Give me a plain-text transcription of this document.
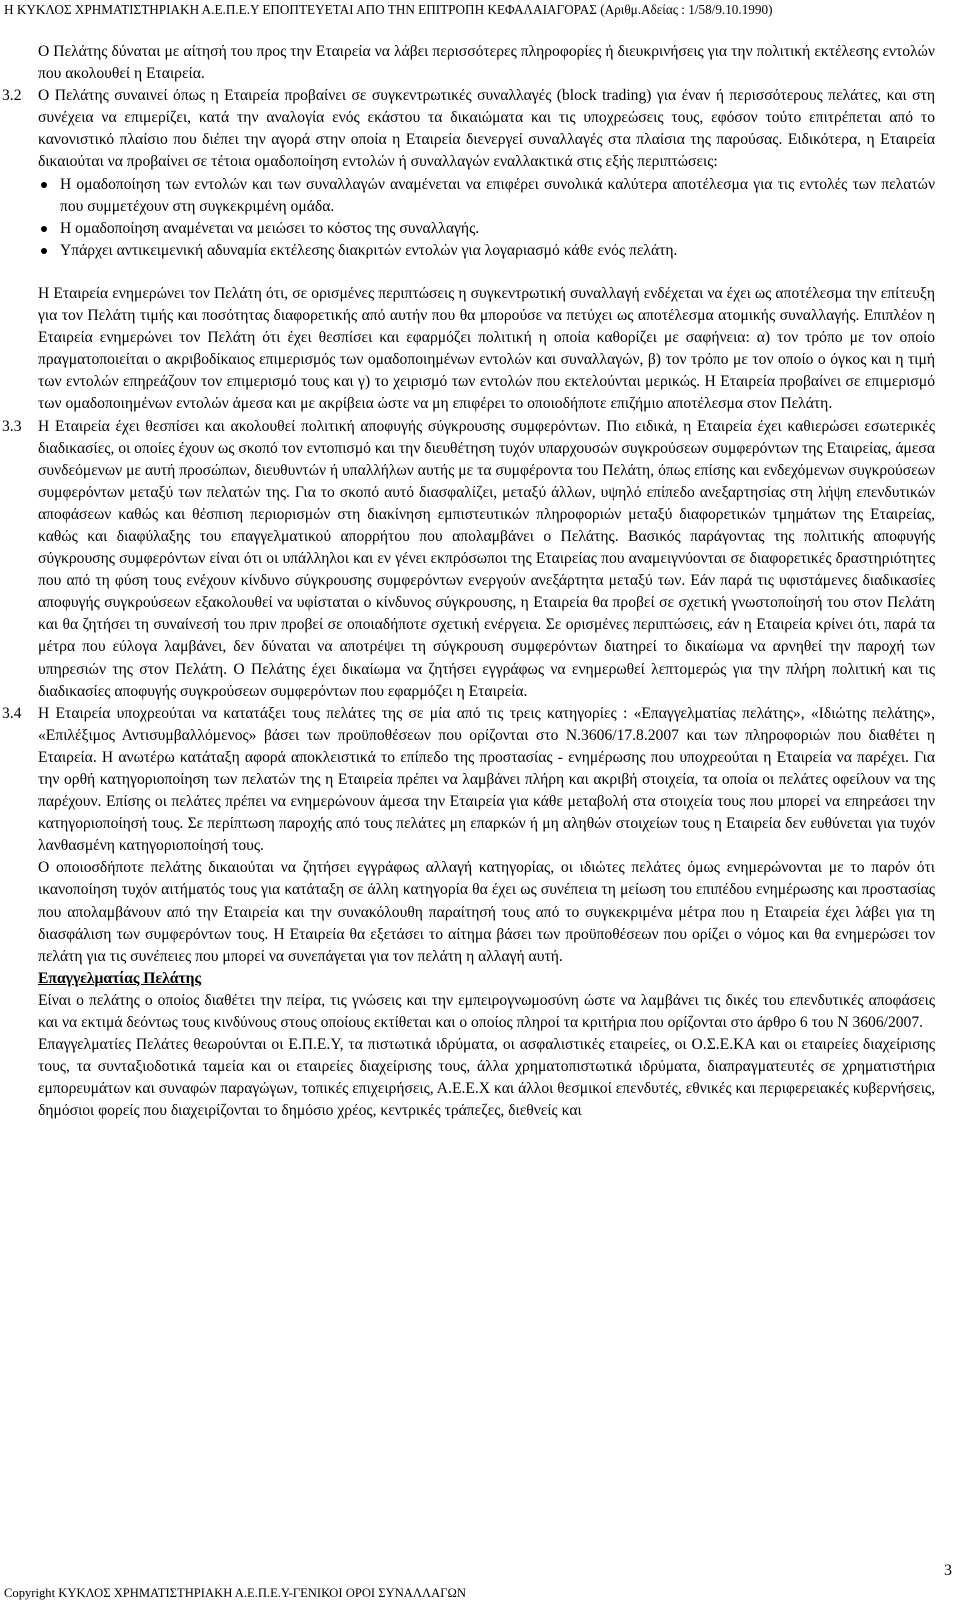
Η ΚΥΚΛΟΣ ΧΡΗΜΑΤΙΣΤΗΡΙΑΚΗ Α.Ε.Π.Ε.Υ ΕΠΟΠΤΕΥΕΤΑΙ ΑΠΟ ΤΗΝ ΕΠΙΤΡΟΠΗ ΚΕΦΑΛΑΙΑΓΟΡΑΣ (Αριθμ.Αδείας : 1/58/9.10.1990)

Ο Πελάτης δύναται με αίτησή του προς την Εταιρεία να λάβει περισσότερες πληροφορίες ή διευκρινήσεις για την πολιτική εκτέλεσης εντολών που ακολουθεί η Εταιρεία.

3.2 Ο Πελάτης συναινεί όπως η Εταιρεία προβαίνει σε συγκεντρωτικές συναλλαγές (block trading) για έναν ή περισσότερους πελάτες, και στη συνέχεια να επιμερίζει, κατά την αναλογία ενός εκάστου τα δικαιώματα και τις υποχρεώσεις τους, εφόσον τούτο επιτρέπεται από το κανονιστικό πλαίσιο που διέπει την αγορά στην οποία η Εταιρεία διενεργεί συναλλαγές στα πλαίσια της παρούσας. Ειδικότερα, η Εταιρεία δικαιούται να προβαίνει σε τέτοια ομαδοποίηση εντολών ή συναλλαγών εναλλακτικά στις εξής περιπτώσεις:

Η ομαδοποίηση των εντολών και των συναλλαγών αναμένεται να επιφέρει συνολικά καλύτερα αποτέλεσμα για τις εντολές των πελατών που συμμετέχουν στη συγκεκριμένη ομάδα.
Η ομαδοποίηση αναμένεται να μειώσει το κόστος της συναλλαγής.
Υπάρχει αντικειμενική αδυναμία εκτέλεσης διακριτών εντολών για λογαριασμό κάθε ενός πελάτη.

Η Εταιρεία ενημερώνει τον Πελάτη ότι, σε ορισμένες περιπτώσεις η συγκεντρωτική συναλλαγή ενδέχεται να έχει ως αποτέλεσμα την επίτευξη για τον Πελάτη τιμής και ποσότητας διαφορετικής από αυτήν που θα μπορούσε να πετύχει ως αποτέλεσμα ατομικής συναλλαγής. Επιπλέον η Εταιρεία ενημερώνει τον Πελάτη ότι έχει θεσπίσει και εφαρμόζει πολιτική η οποία καθορίζει με σαφήνεια: α) τον τρόπο με τον οποίο πραγματοποιείται ο ακριβοδίκαιος επιμερισμός των ομαδοποιημένων εντολών και συναλλαγών, β) τον τρόπο με τον οποίο ο όγκος και η τιμή των εντολών επηρεάζουν τον επιμερισμό τους και γ) το χειρισμό των εντολών που εκτελούνται μερικώς. Η Εταιρεία προβαίνει σε επιμερισμό των ομαδοποιημένων εντολών άμεσα και με ακρίβεια ώστε να μη επιφέρει το οποιοδήποτε επιζήμιο αποτέλεσμα στον Πελάτη.

3.3 Η Εταιρεία έχει θεσπίσει και ακολουθεί πολιτική αποφυγής σύγκρουσης συμφερόντων. Πιο ειδικά, η Εταιρεία έχει καθιερώσει εσωτερικές διαδικασίες, οι οποίες έχουν ως σκοπό τον εντοπισμό και την διευθέτηση τυχόν υπαρχουσών συγκρούσεων συμφερόντων της Εταιρείας, άμεσα συνδεόμενων με αυτή προσώπων, διευθυντών ή υπαλλήλων αυτής με τα συμφέροντα του Πελάτη, όπως επίσης και ενδεχόμενων συγκρούσεων συμφερόντων μεταξύ των πελατών της. Για το σκοπό αυτό διασφαλίζει, μεταξύ άλλων, υψηλό επίπεδο ανεξαρτησίας στη λήψη επενδυτικών αποφάσεων καθώς και θέσπιση περιορισμών στη διακίνηση εμπιστευτικών πληροφοριών μεταξύ διαφορετικών τμημάτων της Εταιρείας, καθώς και διαφύλαξης του επαγγελματικού απορρήτου που απολαμβάνει ο Πελάτης. Βασικός παράγοντας της πολιτικής αποφυγής σύγκρουσης συμφερόντων είναι ότι οι υπάλληλοι και εν γένει εκπρόσωποι της Εταιρείας που αναμειγνύονται σε διαφορετικές δραστηριότητες που από τη φύση τους ενέχουν κίνδυνο σύγκρουσης συμφερόντων ενεργούν ανεξάρτητα μεταξύ των. Εάν παρά τις υφιστάμενες διαδικασίες αποφυγής συγκρούσεων εξακολουθεί να υφίσταται ο κίνδυνος σύγκρουσης, η Εταιρεία θα προβεί σε σχετική γνωστοποίησή του στον Πελάτη και θα ζητήσει τη συναίνεσή του πριν προβεί σε οποιαδήποτε σχετική ενέργεια. Σε ορισμένες περιπτώσεις, εάν η Εταιρεία κρίνει ότι, παρά τα μέτρα που εύλογα λαμβάνει, δεν δύναται να αποτρέψει τη σύγκρουση συμφερόντων διατηρεί το δικαίωμα να αρνηθεί την παροχή των υπηρεσιών της στον Πελάτη. Ο Πελάτης έχει δικαίωμα να ζητήσει εγγράφως να ενημερωθεί λεπτομερώς για την πλήρη πολιτική και τις διαδικασίες αποφυγής συγκρούσεων συμφερόντων που εφαρμόζει η Εταιρεία.

3.4 Η Εταιρεία υποχρεούται να κατατάξει τους πελάτες της σε μία από τις τρεις κατηγορίες : «Επαγγελματίας πελάτης», «Ιδιώτης πελάτης», «Επιλέξιμος Αντισυμβαλλόμενος» βάσει των προϋποθέσεων που ορίζονται στο Ν.3606/17.8.2007 και των πληροφοριών που διαθέτει η Εταιρεία. Η ανωτέρω κατάταξη αφορά αποκλειστικά το επίπεδο της προστασίας - ενημέρωσης που υποχρεούται η Εταιρεία να παρέχει. Για την ορθή κατηγοριοποίηση των πελατών της η Εταιρεία πρέπει να λαμβάνει πλήρη και ακριβή στοιχεία, τα οποία οι πελάτες οφείλουν να της παρέχουν. Επίσης οι πελάτες πρέπει να ενημερώνουν άμεσα την Εταιρεία για κάθε μεταβολή στα στοιχεία τους που μπορεί να επηρεάσει την κατηγοριοποίησή τους. Σε περίπτωση παροχής από τους πελάτες μη επαρκών ή μη αληθών στοιχείων τους η Εταιρεία δεν ευθύνεται για τυχόν λανθασμένη κατηγοριοποίησή τους.

Ο οποιοσδήποτε πελάτης δικαιούται να ζητήσει εγγράφως αλλαγή κατηγορίας, οι ιδιώτες πελάτες όμως ενημερώνονται με το παρόν ότι ικανοποίηση τυχόν αιτήματός τους για κατάταξη σε άλλη κατηγορία θα έχει ως συνέπεια τη μείωση του επιπέδου ενημέρωσης και προστασίας που απολαμβάνουν από την Εταιρεία και την συνακόλουθη παραίτησή τους από το συγκεκριμένα μέτρα που η Εταιρεία έχει λάβει για τη διασφάλιση των συμφερόντων τους. Η Εταιρεία θα εξετάσει το αίτημα βάσει των προϋποθέσεων που ορίζει ο νόμος και θα ενημερώσει τον πελάτη για τις συνέπειες που μπορεί να συνεπάγεται για τον πελάτη η αλλαγή αυτή.

Επαγγελματίας Πελάτης

Είναι ο πελάτης ο οποίος διαθέτει την πείρα, τις γνώσεις και την εμπειρογνωμοσύνη ώστε να λαμβάνει τις δικές του επενδυτικές αποφάσεις και να εκτιμά δεόντως τους κινδύνους στους οποίους εκτίθεται και ο οποίος πληροί τα κριτήρια που ορίζονται στο άρθρο 6 του Ν 3606/2007.

Επαγγελματίες Πελάτες θεωρούνται οι Ε.Π.Ε.Υ, τα πιστωτικά ιδρύματα, οι ασφαλιστικές εταιρείες, οι Ο.Σ.Ε.ΚΑ και οι εταιρείες διαχείρισης τους, τα συνταξιοδοτικά ταμεία και οι εταιρείες διαχείρισης τους, άλλα χρηματοπιστωτικά ιδρύματα, διαπραγματευτές σε χρηματιστήρια εμπορευμάτων και συναφών παραγώγων, τοπικές επιχειρήσεις, Α.Ε.Ε.Χ και άλλοι θεσμικοί επενδυτές, εθνικές και περιφερειακές κυβερνήσεις, δημόσιοι φορείς που διαχειρίζονται το δημόσιο χρέος, κεντρικές τράπεζες, διεθνείς και

3
Copyright ΚΥΚΛΟΣ ΧΡΗΜΑΤΙΣΤΗΡΙΑΚΗ Α.Ε.Π.Ε.Υ-ΓΕΝΙΚΟΙ ΟΡΟΙ ΣΥΝΑΛΛΑΓΩΝ
